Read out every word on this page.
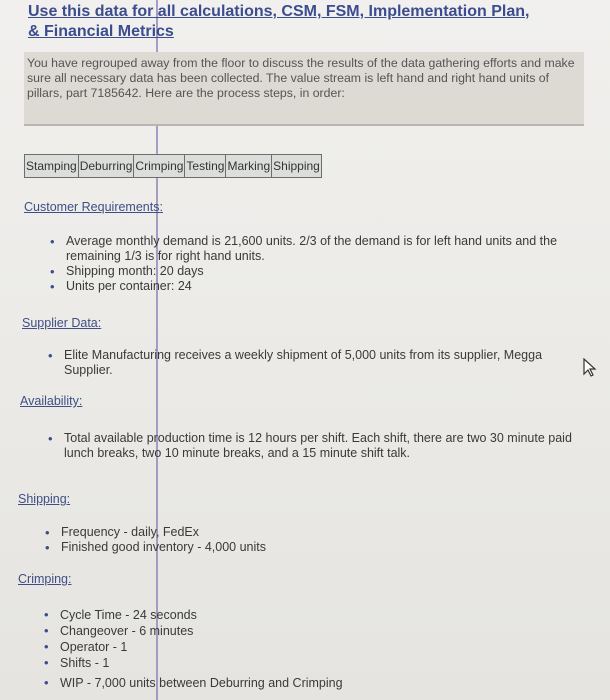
Use this data for all calculations, CSM, FSM, Implementation Plan,
& Financial Metrics
You have regrouped away from the floor to discuss the results of the data gathering efforts and make sure all necessary data has been collected. The value stream is left hand and right hand units of pillars, part 7185642. Here are the process steps, in order:
Stamping	Deburring	Crimping	Testing	Marking	Shipping
Customer Requirements:
• Average monthly demand is 21,600 units. 2/3 of the demand is for left hand units and the remaining 1/3 is for right hand units.
• Shipping month: 20 days
• Units per container: 24
Supplier Data:
• Elite Manufacturing receives a weekly shipment of 5,000 units from its supplier, Megga Supplier.
Availability:
• Total available production time is 12 hours per shift. Each shift, there are two 30 minute paid lunch breaks, two 10 minute breaks, and a 15 minute shift talk.
Shipping:
• Frequency - daily, FedEx
• Finished good inventory - 4,000 units
Crimping:
• Cycle Time - 24 seconds
• Changeover - 6 minutes
• Operator - 1
• Shifts - 1
• WIP - 7,000 units between Deburring and Crimping
